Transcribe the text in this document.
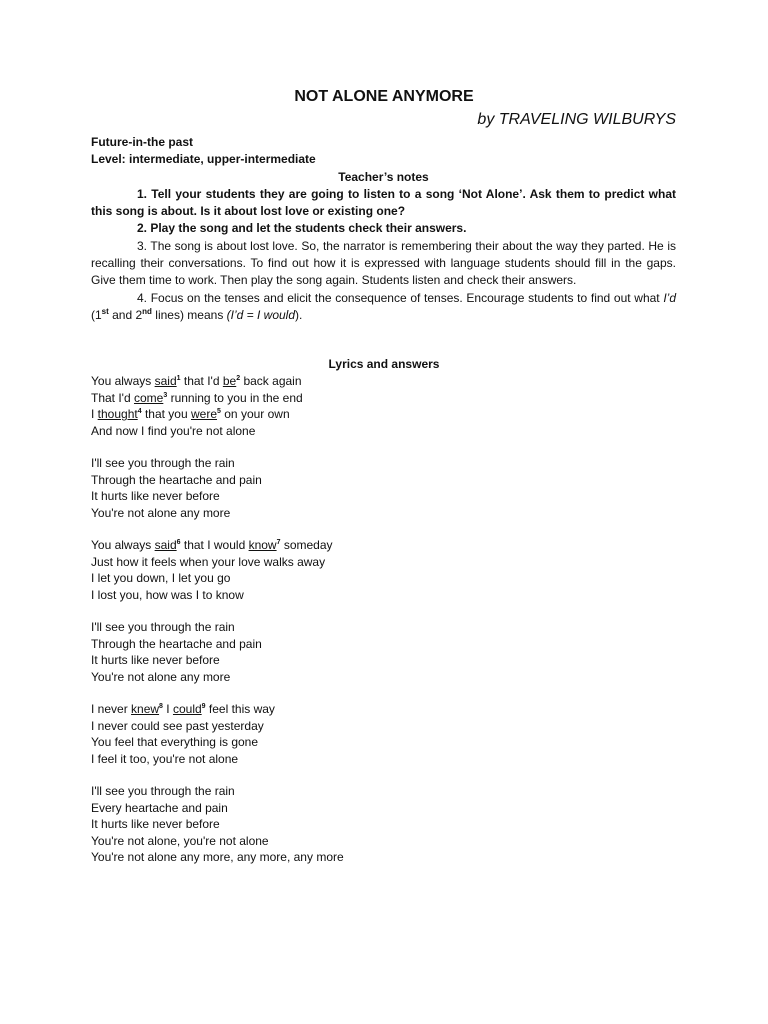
NOT ALONE ANYMORE
by TRAVELING WILBURYS

Future-in-the past

Level: intermediate, upper-intermediate

Teacher’s notes

1. Tell your students they are going to listen to a song ‘Not Alone’. Ask them to predict what this song is about. Is it about lost love or existing one?

2. Play the song and let the students check their answers.

3. The song is about lost love. So, the narrator is remembering their about the way they parted. He is recalling their conversations. To find out how it is expressed with language students should fill in the gaps. Give them time to work. Then play the song again. Students listen and check their answers.

4. Focus on the tenses and elicit the consequence of tenses. Encourage students to find out what I’d (1st and 2nd lines) means (I’d = I would).

Lyrics and answers
You always said$^1$ that I'd $be^2$ back again
That I'd come$^3$ running to you in the end
I thought$^4$ that you were$^5$ on your own
And now I find you're not alone
I'll see you through the rain
Through the heartache and pain
It hurts like never before
You're not alone any more
You always said$^6$ that I would know$^7$ someday
Just how it feels when your love walks away
I let you down, I let you go
I lost you, how was I to know
I'll see you through the rain
Through the heartache and pain
It hurts like never before
You're not alone any more
I never knew$^8$ I could$^9$ feel this way
I never could see past yesterday
You feel that everything is gone
I feel it too, you're not alone
I'll see you through the rain
Every heartache and pain
It hurts like never before
You're not alone, you're not alone
You're not alone any more, any more, any more
